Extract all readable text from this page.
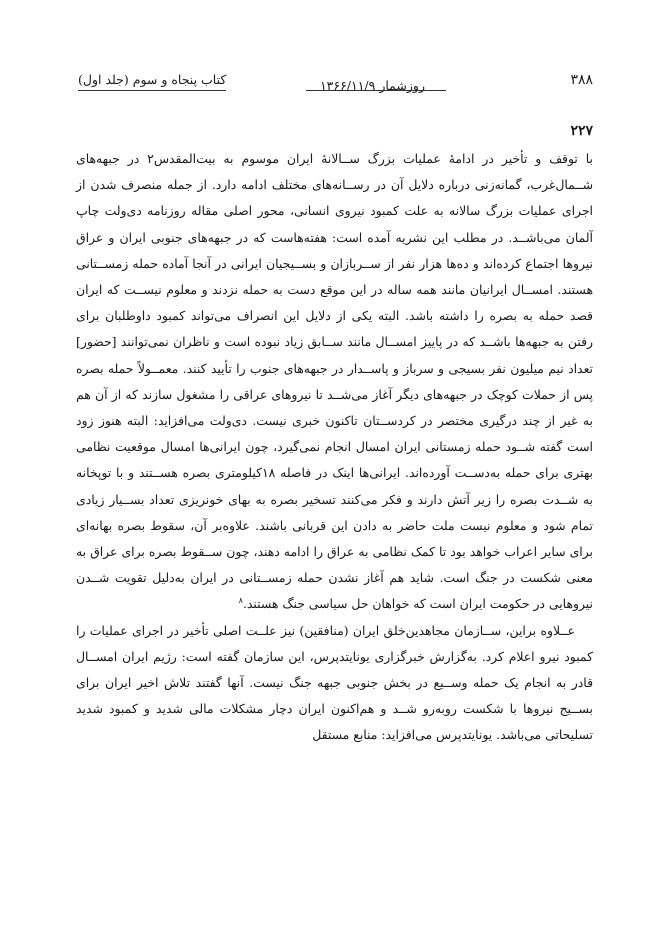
۳۸۸
روزشمار ۱۳۶۶/۱۱/۹
کتاب پنجاه و سوم (جلد اول)
۲۲۷

با توقف و تأخیر در ادامهٔ عملیات بزرگ ســالانهٔ ایران موسوم به بیت‌المقدس۲ در جبهه‌های شــمال‌غرب، گمانه‌زنی درباره دلایل آن در رســانه‌های مختلف ادامه دارد. از جمله منصرف شدن از اجرای عملیات بزرگ سالانه به علت کمبود نیروی انسانی، محور اصلی مقاله روزنامه دی‌ولت چاپ آلمان می‌باشــد. در مطلب این نشریه آمده است: هفته‌هاست که در جبهه‌های جنوبی ایران و عراق نیروها اجتماع کرده‌اند و ده‌ها هزار نفر از ســربازان و بســیجیان ایرانی در آنجا آماده حمله زمســتانی هستند. امســال ایرانیان مانند همه ساله در این موقع دست به حمله نزدند و معلوم نیســت که ایران قصد حمله به بصره را داشته باشد. البته یکی از دلایل این انصراف می‌تواند کمبود داوطلبان برای رفتن به جبهه‌ها باشــد که در پاییز امســال مانند ســابق زیاد نبوده است و ناظران نمی‌توانند [حضور] تعداد نیم میلیون نفر بسیجی و سرباز و پاســدار در جبهه‌های جنوب را تأیید کنند. معمــولاً حمله بصره پس از حملات کوچک در جبهه‌های دیگر آغاز می‌شــد تا نیروهای عراقی را مشغول سازند که از آن هم به غیر از چند درگیری مختصر در کردســتان تاکنون خبری نیست. دی‌ولت می‌افزاید: البته هنوز زود است گفته شــود حمله زمستانی ایران امسال انجام نمی‌گیرد، چون ایرانی‌ها امسال موقعیت نظامی بهتری برای حمله به‌دســت آورده‌اند. ایرانی‌ها اینک در فاصله ۱۸کیلومتری بصره هســتند و با توپخانه به شــدت بصره را زیر آتش دارند و فکر می‌کنند تسخیر بصره به بهای خونریزی تعداد بســیار زیادی تمام شود و معلوم نیست ملت حاضر به دادن این قربانی باشند. علاوه‌بر آن، سقوط بصره بهانه‌ای برای سایر اعراب خواهد بود تا کمک نظامی به عراق را ادامه دهند، چون ســقوط بصره برای عراق به معنی شکست در جنگ است. شاید هم آغاز نشدن حمله زمســتانی در ایران به‌دلیل تقویت شــدن نیروهایی در حکومت ایران است که خواهان حل سیاسی جنگ هستند.$^۸$

عــلاوه براین، ســازمان مجاهدین‌خلق ایران (منافقین) نیز علــت اصلی تأخیر در اجرای عملیات را کمبود نیرو اعلام کرد. به‌گزارش خبرگزاری یونایتدپرس، این سازمان گفته است: رژیم ایران امســال قادر به انجام یک حمله وســیع در بخش جنوبی جبهه جنگ نیست. آنها گفتند تلاش اخیر ایران برای بســیج نیروها با شکست روبه‌رو شــد و هم‌اکنون ایران دچار مشکلات مالی شدید و کمبود شدید تسلیحاتی می‌باشد. یونایتدپرس می‌افزاید: منابع مستقل
